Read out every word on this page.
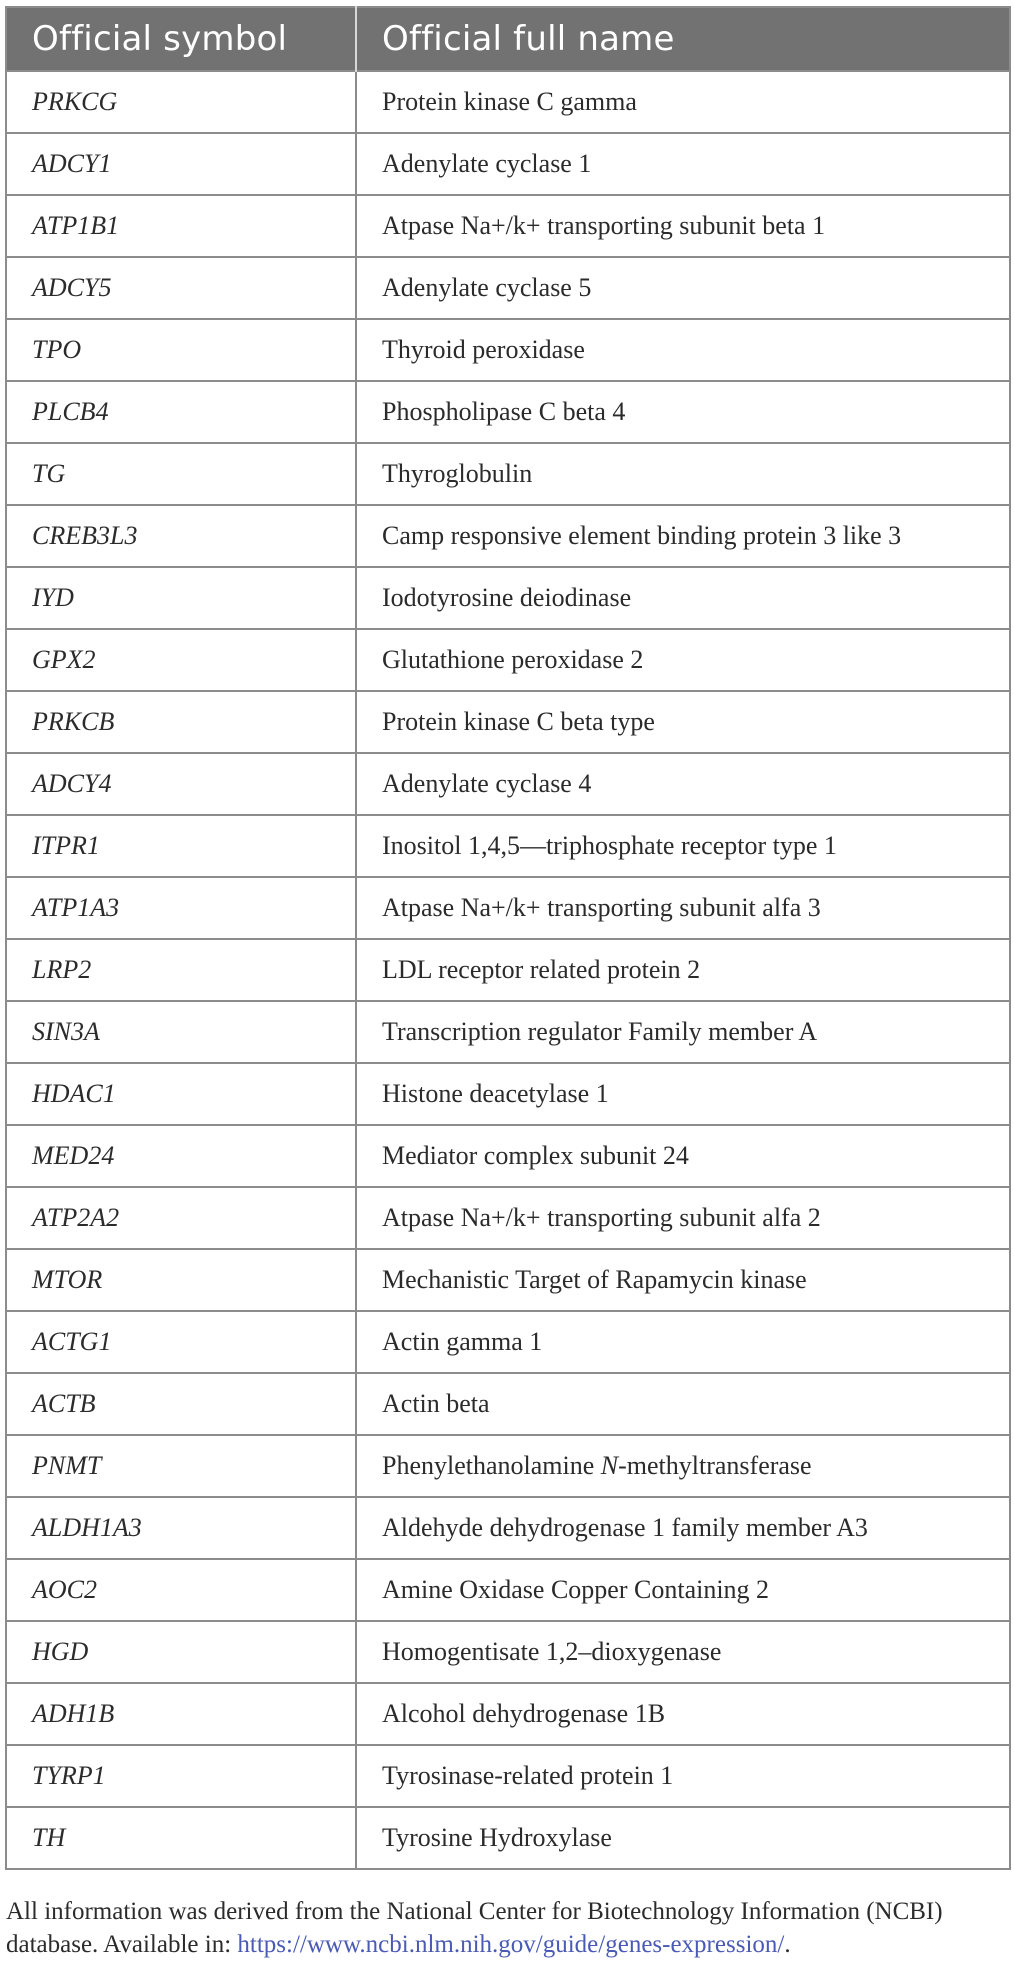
Official symbol	Official full name
PRKCG	Protein kinase C gamma
ADCY1	Adenylate cyclase 1
ATP1B1	Atpase Na+/k+ transporting subunit beta 1
ADCY5	Adenylate cyclase 5
TPO	Thyroid peroxidase
PLCB4	Phospholipase C beta 4
TG	Thyroglobulin
CREB3L3	Camp responsive element binding protein 3 like 3
IYD	Iodotyrosine deiodinase
GPX2	Glutathione peroxidase 2
PRKCB	Protein kinase C beta type
ADCY4	Adenylate cyclase 4
ITPR1	Inositol 1,4,5—triphosphate receptor type 1
ATP1A3	Atpase Na+/k+ transporting subunit alfa 3
LRP2	LDL receptor related protein 2
SIN3A	Transcription regulator Family member A
HDAC1	Histone deacetylase 1
MED24	Mediator complex subunit 24
ATP2A2	Atpase Na+/k+ transporting subunit alfa 2
MTOR	Mechanistic Target of Rapamycin kinase
ACTG1	Actin gamma 1
ACTB	Actin beta
PNMT	Phenylethanolamine N-methyltransferase
ALDH1A3	Aldehyde dehydrogenase 1 family member A3
AOC2	Amine Oxidase Copper Containing 2
HGD	Homogentisate 1,2–dioxygenase
ADH1B	Alcohol dehydrogenase 1B
TYRP1	Tyrosinase-related protein 1
TH	Tyrosine Hydroxylase

All information was derived from the National Center for Biotechnology Information (NCBI) database. Available in: https://www.ncbi.nlm.nih.gov/guide/genes-expression/.
